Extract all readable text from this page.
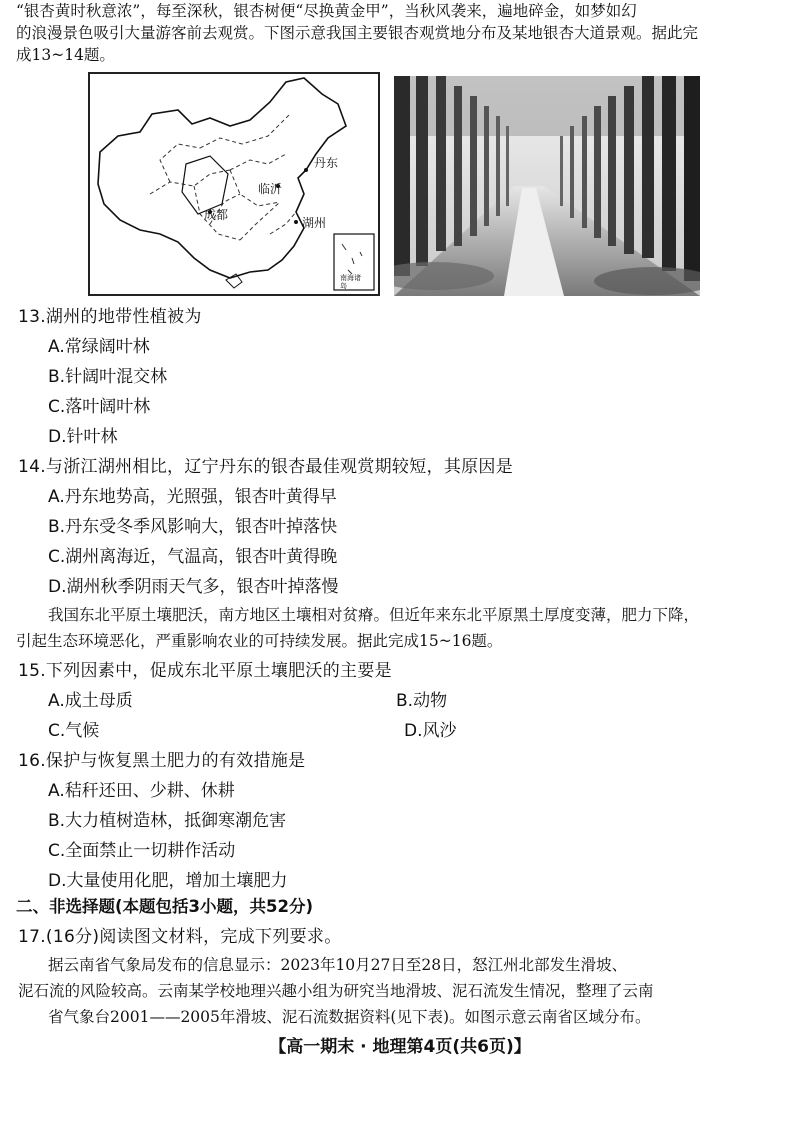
“银杏黄时秋意浓”，每至深秋，银杏树便“尽换黄金甲”，当秋风袭来，遍地碎金，如梦如幻
的浪漫景色吸引大量游客前去观赏。下图示意我国主要银杏观赏地分布及某地银杏大道景观。据此完
成13~14题。
丹东
临沂
成都
湖州
南海诸岛
13.湖州的地带性植被为
A.常绿阔叶林
B.针阔叶混交林
C.落叶阔叶林
D.针叶林
14.与浙江湖州相比，辽宁丹东的银杏最佳观赏期较短，其原因是
A.丹东地势高，光照强，银杏叶黄得早
B.丹东受冬季风影响大，银杏叶掉落快
C.湖州离海近，气温高，银杏叶黄得晚
D.湖州秋季阴雨天气多，银杏叶掉落慢
我国东北平原土壤肥沃，南方地区土壤相对贫瘠。但近年来东北平原黑土厚度变薄，肥力下降，
引起生态环境恶化，严重影响农业的可持续发展。据此完成15~16题。
15.下列因素中，促成东北平原土壤肥沃的主要是
A.成土母质	B.动物
C.气候	D.风沙
16.保护与恢复黑土肥力的有效措施是
A.秸秆还田、少耕、休耕
B.大力植树造林，抵御寒潮危害
C.全面禁止一切耕作活动
D.大量使用化肥，增加土壤肥力
二、非选择题(本题包括3小题，共52分)
17.(16分)阅读图文材料，完成下列要求。
据云南省气象局发布的信息显示：2023年10月27日至28日，怒江州北部发生滑坡、
泥石流的风险较高。云南某学校地理兴趣小组为研究当地滑坡、泥石流发生情况，整理了云南
省气象台2001——2005年滑坡、泥石流数据资料(见下表)。如图示意云南省区域分布。
【高一期末 · 地理第4页(共6页)】
